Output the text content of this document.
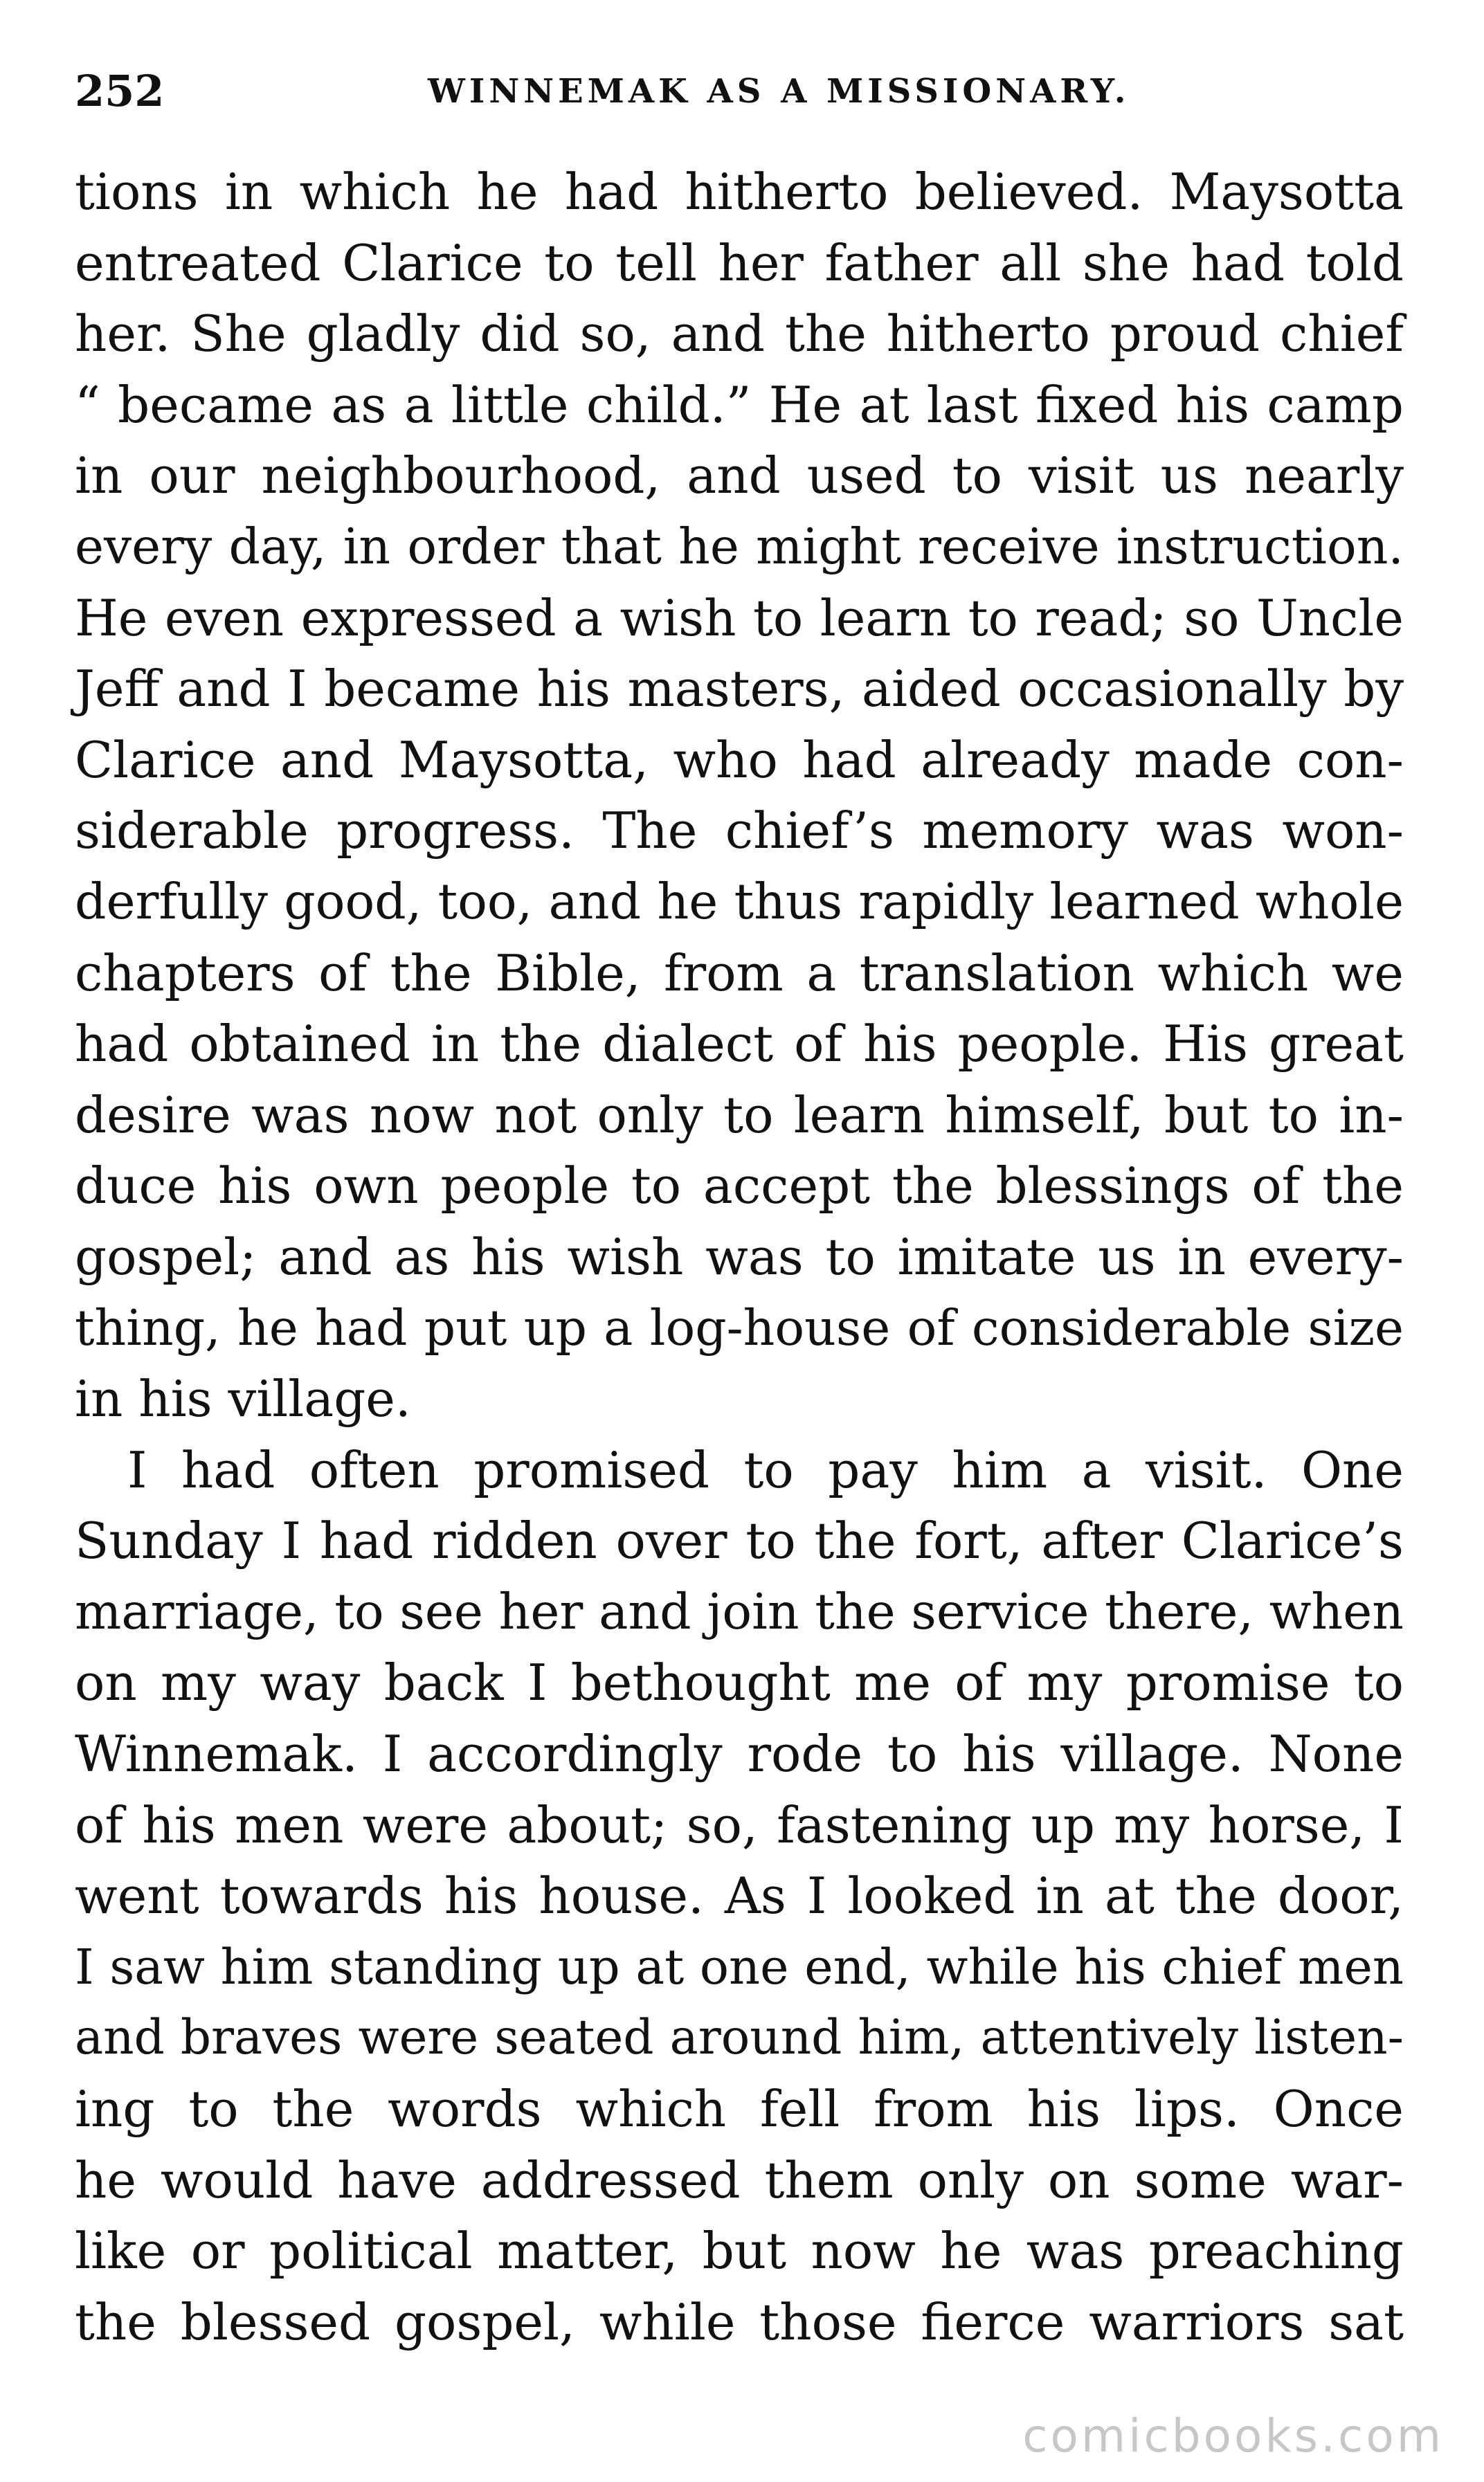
252	WINNEMAK AS A MISSIONARY.
tions in which he had hitherto believed. Maysotta
entreated Clarice to tell her father all she had told
her. She gladly did so, and the hitherto proud chief
“ became as a little child.” He at last fixed his camp
in our neighbourhood, and used to visit us nearly
every day, in order that he might receive instruction.
He even expressed a wish to learn to read; so Uncle
Jeff and I became his masters, aided occasionally by
Clarice and Maysotta, who had already made con-
siderable progress. The chief’s memory was won-
derfully good, too, and he thus rapidly learned whole
chapters of the Bible, from a translation which we
had obtained in the dialect of his people. His great
desire was now not only to learn himself, but to in-
duce his own people to accept the blessings of the
gospel; and as his wish was to imitate us in every-
thing, he had put up a log-house of considerable size
in his village.
I had often promised to pay him a visit. One
Sunday I had ridden over to the fort, after Clarice’s
marriage, to see her and join the service there, when
on my way back I bethought me of my promise to
Winnemak. I accordingly rode to his village. None
of his men were about; so, fastening up my horse, I
went towards his house. As I looked in at the door,
I saw him standing up at one end, while his chief men
and braves were seated around him, attentively listen-
ing to the words which fell from his lips. Once
he would have addressed them only on some war-
like or political matter, but now he was preaching
the blessed gospel, while those fierce warriors sat
comicbooks.com
